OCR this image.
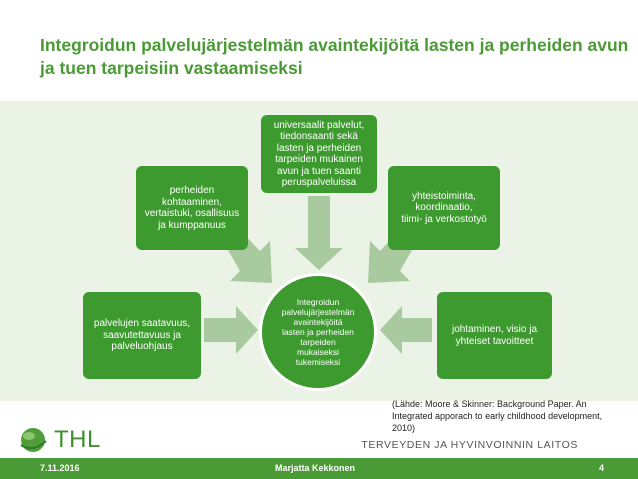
Integroidun palvelujärjestelmän avaintekijöitä lasten ja perheiden avun ja tuen tarpeisiin vastaamiseksi
universaalit palvelut,
tiedonsaanti sekä
lasten ja perheiden
tarpeiden mukainen
avun ja tuen saanti
peruspalveluissa
perheiden
kohtaaminen,
vertaistuki, osallisuus
ja kumppanuus
yhteistoiminta,
koordinaatio,
tiimi- ja verkostotyö
palvelujen saatavuus,
saavutettavuus ja
palveluohjaus
johtaminen, visio ja
yhteiset tavoitteet
Integroidun
palvelujärjestelmän
avaintekijöitä
lasten ja perheiden
tarpeiden
mukaiseksi
tukemiseksi
(Lähde: Moore & Skinner: Background Paper. An Integrated apporach to early childhood development, 2010)
THL	TERVEYDEN JA HYVINVOINNIN LAITOS
7.11.2016	Marjatta Kekkonen	4
